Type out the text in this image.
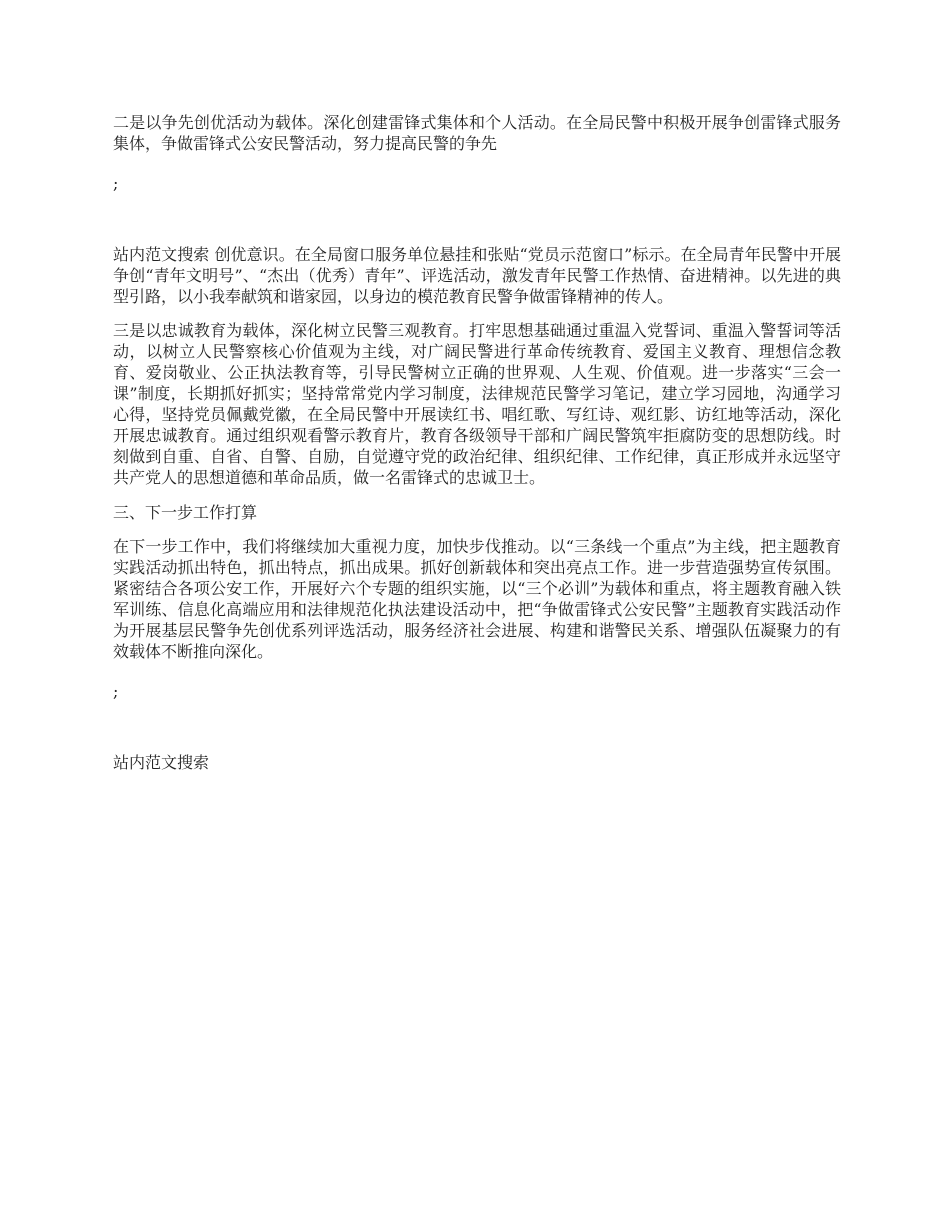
二是以争先创优活动为载体。深化创建雷锋式集体和个人活动。在全局民警中积极开展争创雷锋式服务集体，争做雷锋式公安民警活动，努力提高民警的争先

;

站内范文搜索 创优意识。在全局窗口服务单位悬挂和张贴“党员示范窗口”标示。在全局青年民警中开展争创“青年文明号”、“杰出（优秀）青年”、评选活动，激发青年民警工作热情、奋进精神。以先进的典型引路，以小我奉献筑和谐家园，以身边的模范教育民警争做雷锋精神的传人。

三是以忠诚教育为载体，深化树立民警三观教育。打牢思想基础通过重温入党誓词、重温入警誓词等活动，以树立人民警察核心价值观为主线，对广阔民警进行革命传统教育、爱国主义教育、理想信念教育、爱岗敬业、公正执法教育等，引导民警树立正确的世界观、人生观、价值观。进一步落实“三会一课”制度，长期抓好抓实；坚持常常党内学习制度，法律规范民警学习笔记，建立学习园地，沟通学习心得，坚持党员佩戴党徽，在全局民警中开展读红书、唱红歌、写红诗、观红影、访红地等活动，深化开展忠诚教育。通过组织观看警示教育片，教育各级领导干部和广阔民警筑牢拒腐防变的思想防线。时刻做到自重、自省、自警、自励，自觉遵守党的政治纪律、组织纪律、工作纪律，真正形成并永远坚守共产党人的思想道德和革命品质，做一名雷锋式的忠诚卫士。

三、下一步工作打算

在下一步工作中，我们将继续加大重视力度，加快步伐推动。以“三条线一个重点”为主线，把主题教育实践活动抓出特色，抓出特点，抓出成果。抓好创新载体和突出亮点工作。进一步营造强势宣传氛围。紧密结合各项公安工作，开展好六个专题的组织实施，以“三个必训”为载体和重点，将主题教育融入铁军训练、信息化高端应用和法律规范化执法建设活动中，把“争做雷锋式公安民警”主题教育实践活动作为开展基层民警争先创优系列评选活动，服务经济社会进展、构建和谐警民关系、增强队伍凝聚力的有效载体不断推向深化。

;

站内范文搜索
